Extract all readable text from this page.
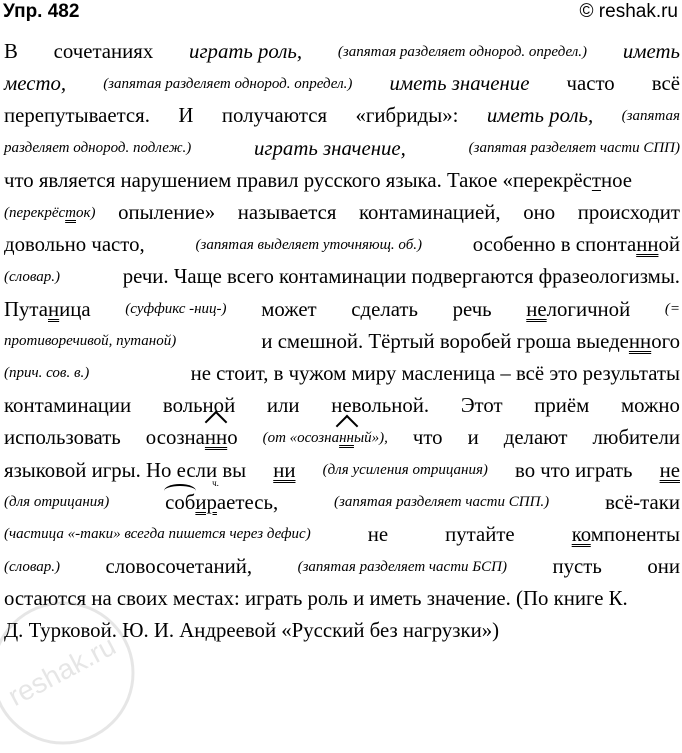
Упр. 482	© reshak.ru
В сочетаниях играть роль, (запятая разделяет однород. определ.) иметь
место, (запятая разделяет однород. определ.) иметь значение часто всё
перепутывается. И получаются «гибриды»: иметь роль, (запятая
разделяет однород. подлеж.)	играть значение,	(запятая разделяет части СПП)
что является нарушением правил русского языка. Такое «перекрёстное
(перекрёсток) опыление» называется контаминацией, оно происходит
довольно часто,	(запятая выделяет уточняющ. об.) особенно в спонтанной
(словар.)	речи. Чаще всего контаминации подвергаются фразеологизмы.
Путаница (суффикс -ниц-) может сделать речь нелогичной (=
противоречивой, путаной)	и смешной. Тёртый воробей гроша выеденного
(прич. сов. в.)	не стоит, в чужом миру масленица – всё это результаты
контаминации вольной или невольной. Этот приём можно
использовать осознанно (от «осознанный»), что и делают любители
языковой игры. Но если вы ни (для усиления отрицания) во что играть не
(для отрицания)	собир ч.аетесь,	(запятая разделяет части СПП.)	всё-таки
(частица «-таки» всегда пишется через дефис)	не	путайте	компоненты
(словар.) словосочетаний,	(запятая разделяет части БСП) пусть они
остаются на своих местах: играть роль и иметь значение. (По книге К.
Д. Турковой. Ю. И. Андреевой «Русский без нагрузки»)
reshak.ru
